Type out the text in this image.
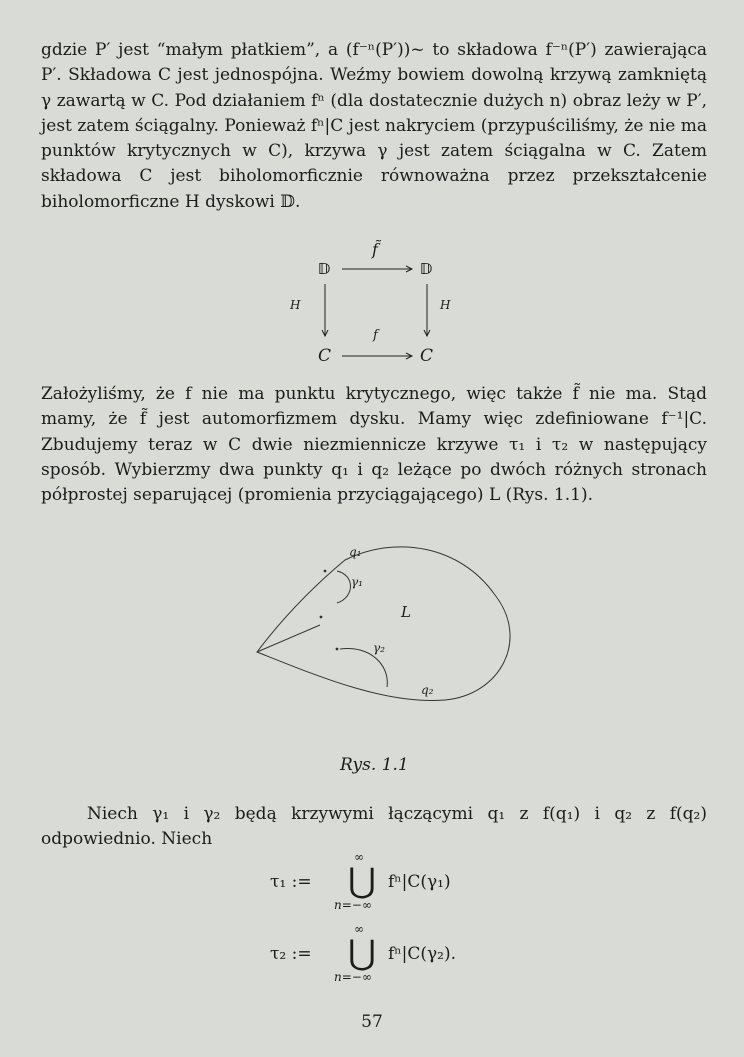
gdzie P′ jest “małym płatkiem”, a (f⁻ⁿ(P′))~ to składowa f⁻ⁿ(P′) zawierająca P′. Składowa C jest jednospójna. Weźmy bowiem dowolną krzywą zamkniętą γ zawartą w C. Pod działaniem fⁿ (dla dostatecznie dużych n) obraz leży w P′, jest zatem ściągalny. Ponieważ fⁿ|C jest nakryciem (przypuściliśmy, że nie ma punktów krytycznych w C), krzywa γ jest zatem ściągalna w C. Zatem składowa C jest biholomorficznie równoważna przez przekształcenie biholomorficzne H dyskowi 𝔻.

𝔻
f̃
𝔻
H	H
C
f
C

Założyliśmy, że f nie ma punktu krytycznego, więc także f̃ nie ma. Stąd mamy, że f̃ jest automorfizmem dysku. Mamy więc zdefiniowane f⁻¹|C. Zbudujemy teraz w C dwie niezmiennicze krzywe τ₁ i τ₂ w następujący sposób. Wybierzmy dwa punkty q₁ i q₂ leżące po dwóch różnych stronach półprostej separującej (promienia przyciągającego) L (Rys. 1.1).

q₁
γ₁
L
γ₂
q₂
Rys. 1.1

Niech γ₁ i γ₂ będą krzywymi łączącymi q₁ z f(q₁) i q₂ z f(q₂) odpowiednio. Niech

τ₁ :=
∞
⋃
n=−∞
fⁿ|C(γ₁)
τ₂ :=
∞
⋃
n=−∞
fⁿ|C(γ₂).
57
